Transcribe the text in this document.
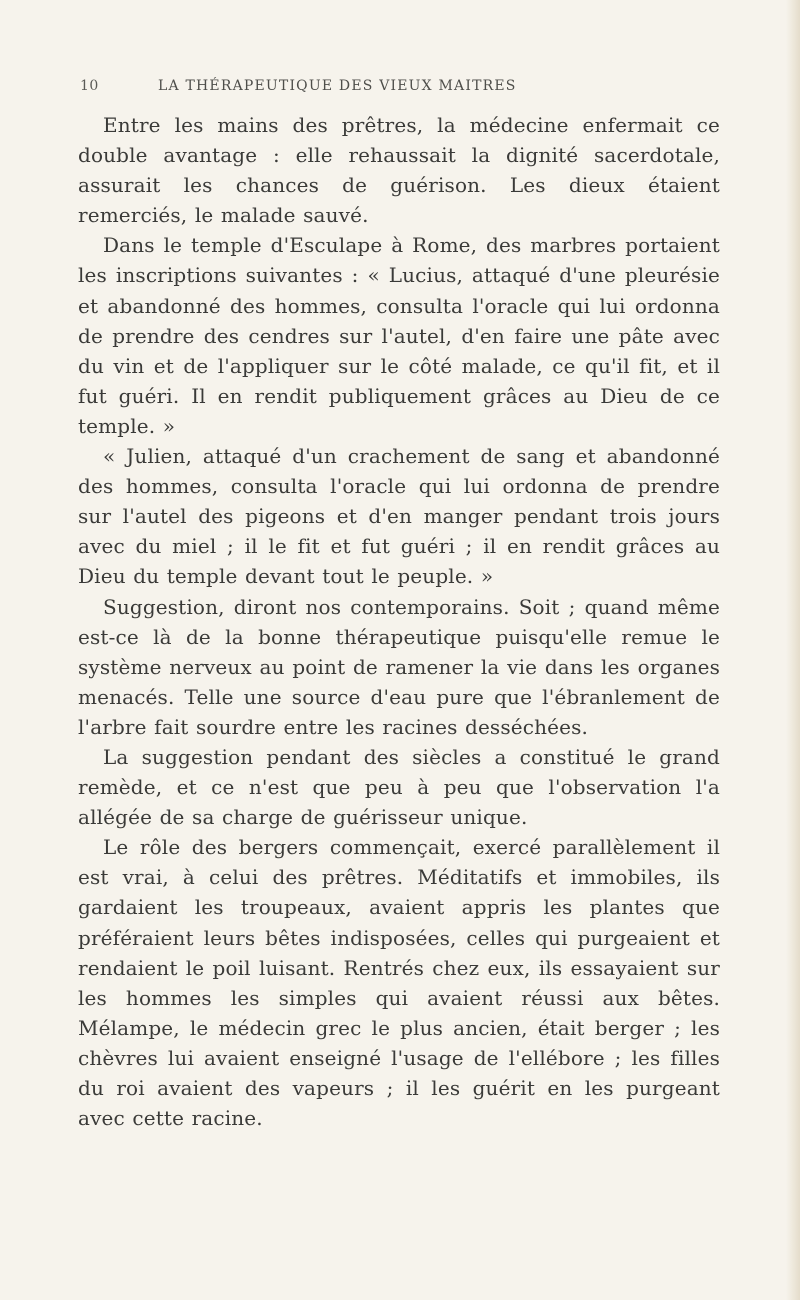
10	LA THÉRAPEUTIQUE DES VIEUX MAITRES

Entre les mains des prêtres, la médecine enfermait ce double avantage : elle rehaussait la dignité sacerdotale, assurait les chances de guérison. Les dieux étaient remerciés, le malade sauvé.

Dans le temple d'Esculape à Rome, des marbres portaient les inscriptions suivantes : « Lucius, attaqué d'une pleurésie et abandonné des hommes, consulta l'oracle qui lui ordonna de prendre des cendres sur l'autel, d'en faire une pâte avec du vin et de l'appliquer sur le côté malade, ce qu'il fit, et il fut guéri. Il en rendit publiquement grâces au Dieu de ce temple. »

« Julien, attaqué d'un crachement de sang et abandonné des hommes, consulta l'oracle qui lui ordonna de prendre sur l'autel des pigeons et d'en manger pendant trois jours avec du miel ; il le fit et fut guéri ; il en rendit grâces au Dieu du temple devant tout le peuple. »

Suggestion, diront nos contemporains. Soit ; quand même est-ce là de la bonne thérapeutique puisqu'elle remue le système nerveux au point de ramener la vie dans les organes menacés. Telle une source d'eau pure que l'ébranlement de l'arbre fait sourdre entre les racines desséchées.

La suggestion pendant des siècles a constitué le grand remède, et ce n'est que peu à peu que l'observation l'a allégée de sa charge de guérisseur unique.

Le rôle des bergers commençait, exercé parallèlement il est vrai, à celui des prêtres. Méditatifs et immobiles, ils gardaient les troupeaux, avaient appris les plantes que préféraient leurs bêtes indisposées, celles qui purgeaient et rendaient le poil luisant. Rentrés chez eux, ils essayaient sur les hommes les simples qui avaient réussi aux bêtes. Mélampe, le médecin grec le plus ancien, était berger ; les chèvres lui avaient enseigné l'usage de l'ellébore ; les filles du roi avaient des vapeurs ; il les guérit en les purgeant avec cette racine.
